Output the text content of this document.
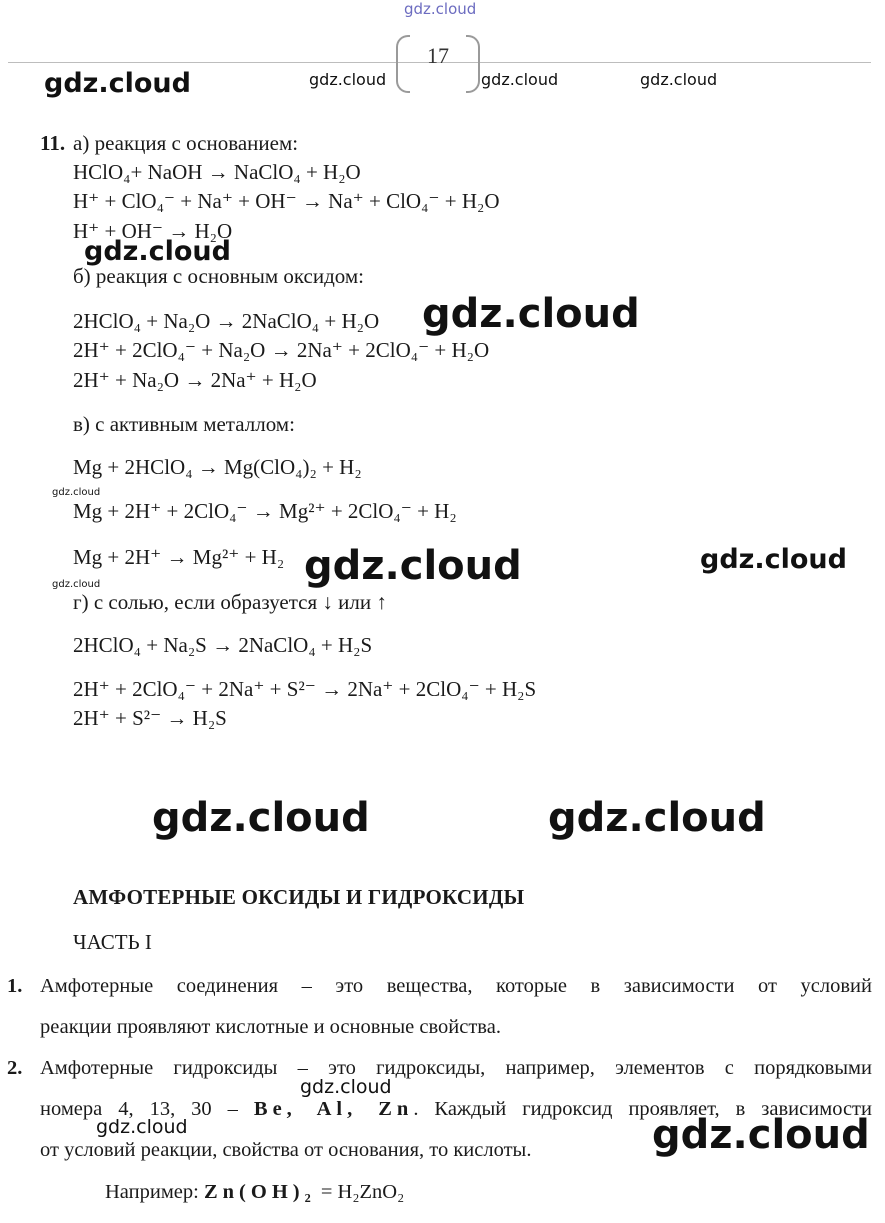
gdz.cloud
17
gdz.cloud	gdz.cloud	gdz.cloud	gdz.cloud
gdz.cloud
gdz.cloud
gdz.cloud
gdz.cloud	gdz.cloud
gdz.cloud
gdz.cloud	gdz.cloud
gdz.cloud
gdz.cloud	gdz.cloud
11. а) реакция с основанием:
HClO₄+ NaOH → NaClO₄ + H₂O
H⁺ + ClO₄⁻ + Na⁺ + OH⁻ → Na⁺ + ClO₄⁻ + H₂O
H⁺ + OH⁻ → H₂O
б) реакция с основным оксидом:
2HClO₄ + Na₂O → 2NaClO₄ + H₂O
2H⁺ + 2ClO₄⁻ + Na₂O → 2Na⁺ + 2ClO₄⁻ + H₂O
2H⁺ + Na₂O → 2Na⁺ + H₂O
в) с активным металлом:
Mg + 2HClO₄ → Mg(ClO₄)₂ + H₂
Mg + 2H⁺ + 2ClO₄⁻ → Mg²⁺ + 2ClO₄⁻ + H₂
Mg + 2H⁺ → Mg²⁺ + H₂
г) с солью, если образуется ↓ или ↑
2HClO₄ + Na₂S → 2NaClO₄ + H₂S
2H⁺ + 2ClO₄⁻ + 2Na⁺ + S²⁻ → 2Na⁺ + 2ClO₄⁻ + H₂S
2H⁺ + S²⁻ → H₂S
АМФОТЕРНЫЕ ОКСИДЫ И ГИДРОКСИДЫ
ЧАСТЬ I
1. Амфотерные соединения – это вещества, которые в зависимости от условий
реакции проявляют кислотные и основные свойства.
2. Амфотерные гидроксиды – это гидроксиды, например, элементов с порядковыми
номера 4, 13, 30 – Be, Al, Zn. Каждый гидроксид проявляет, в зависимости
от условий реакции, свойства от основания, то кислоты.
Например: Zn(OH)₂ = H₂ZnO₂
